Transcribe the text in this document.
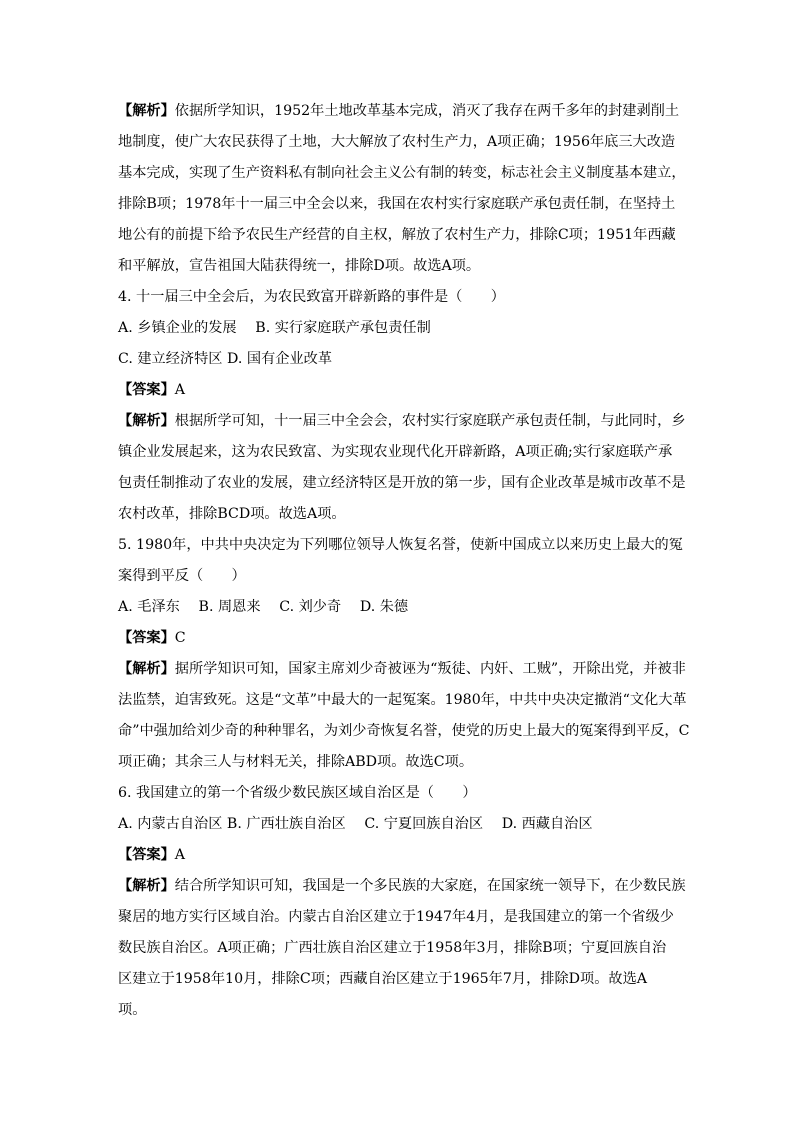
【解析】依据所学知识，1952年土地改革基本完成，消灭了我存在两千多年的封建剥削土
地制度，使广大农民获得了土地，大大解放了农村生产力，A项正确；1956年底三大改造
基本完成，实现了生产资料私有制向社会主义公有制的转变，标志社会主义制度基本建立，
排除B项；1978年十一届三中全会以来，我国在农村实行家庭联产承包责任制，在坚持土
地公有的前提下给予农民生产经营的自主权，解放了农村生产力，排除C项；1951年西藏
和平解放，宣告祖国大陆获得统一，排除D项。故选A项。
4. 十一届三中全会后，为农民致富开辟新路的事件是（　　）
A. 乡镇企业的发展　 B. 实行家庭联产承包责任制
C. 建立经济特区 D. 国有企业改革
【答案】A
【解析】根据所学可知，十一届三中全会会，农村实行家庭联产承包责任制，与此同时，乡
镇企业发展起来，这为农民致富、为实现农业现代化开辟新路，A项正确;实行家庭联产承
包责任制推动了农业的发展，建立经济特区是开放的第一步，国有企业改革是城市改革不是
农村改革，排除BCD项。故选A项。
5. 1980年，中共中央决定为下列哪位领导人恢复名誉，使新中国成立以来历史上最大的冤
案得到平反（　　）
A. 毛泽东　 B. 周恩来　 C. 刘少奇　 D. 朱德
【答案】C
【解析】据所学知识可知，国家主席刘少奇被诬为“叛徒、内奸、工贼”，开除出党，并被非
法监禁，迫害致死。这是“文革”中最大的一起冤案。1980年，中共中央决定撤消“文化大革
命”中强加给刘少奇的种种罪名，为刘少奇恢复名誉，使党的历史上最大的冤案得到平反，C
项正确；其余三人与材料无关，排除ABD项。故选C项。
6. 我国建立的第一个省级少数民族区域自治区是（　　）
A. 内蒙古自治区 B. 广西壮族自治区　 C. 宁夏回族自治区　 D. 西藏自治区
【答案】A
【解析】结合所学知识可知，我国是一个多民族的大家庭，在国家统一领导下，在少数民族
聚居的地方实行区域自治。内蒙古自治区建立于1947年4月，是我国建立的第一个省级少
数民族自治区。A项正确；广西壮族自治区建立于1958年3月，排除B项；宁夏回族自治
区建立于1958年10月，排除C项；西藏自治区建立于1965年7月，排除D项。故选A
项。
